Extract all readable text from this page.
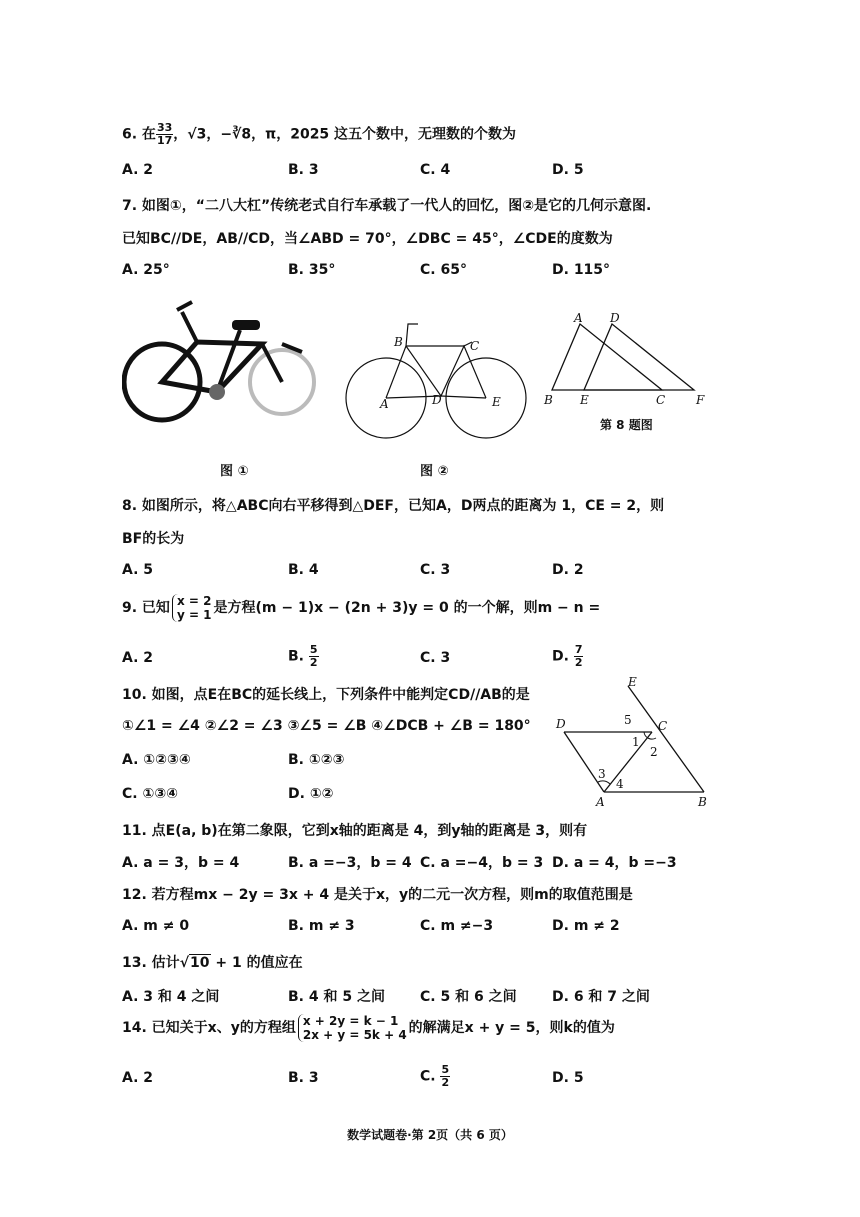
6. 在 $\frac{33}{17}$ ，√3，−∛8，π，2025 这五个数中，无理数的个数为
A. 2	B. 3	C. 4	D. 5
7. 如图①，“二八大杠”传统老式自行车承载了一代人的回忆，图②是它的几何示意图.
已知BC//DE，AB//CD，当∠ABD = 70°，∠DBC = 45°，∠CDE的度数为
A. 25°	B. 35°	C. 65°	D. 115°
图 ①
A
B	C
D	E
图 ②
A D
B E	C	F
第 8 题图
8. 如图所示，将△ABC向右平移得到△DEF，已知A，D两点的距离为 1，CE = 2，则
BF的长为
A. 5	B. 4	C. 3	D. 2
9. 已知 x = 2
y = 1 是方程(m − 1)x − (2n + 3)y = 0 的一个解，则m − n =
A. 2	B. $\frac{5}{2}$	C. 3	D. $\frac{7}{2}$
E
D	C
A	B
5
1
2
3
4
10. 如图，点E在BC的延长线上，下列条件中能判定CD//AB的是
①∠1 = ∠4 ②∠2 = ∠3 ③∠5 = ∠B ④∠DCB + ∠B = 180°
A. ①②③④	B. ①②③
C. ①③④	D. ①②
11. 点E(a, b)在第二象限，它到x轴的距离是 4，到y轴的距离是 3，则有
A. a = 3，b = 4	B. a =−3，b = 4 C. a =−4，b = 3 D. a = 4，b =−3
12. 若方程mx − 2y = 3x + 4 是关于x，y的二元一次方程，则m的取值范围是
A. m ≠ 0	B. m ≠ 3	C. m ≠−3	D. m ≠ 2
13. 估计√10 + 1 的值应在
A. 3 和 4 之间	B. 4 和 5 之间	C. 5 和 6 之间	D. 6 和 7 之间
14. 已知关于x、y的方程组 x + 2y = k − 1
2x + y = 5k + 4 的解满足x + y = 5，则k的值为
A. 2	B. 3	C. $\frac{5}{2}$	D. 5
数学试题卷·第 2页（共 6 页）
